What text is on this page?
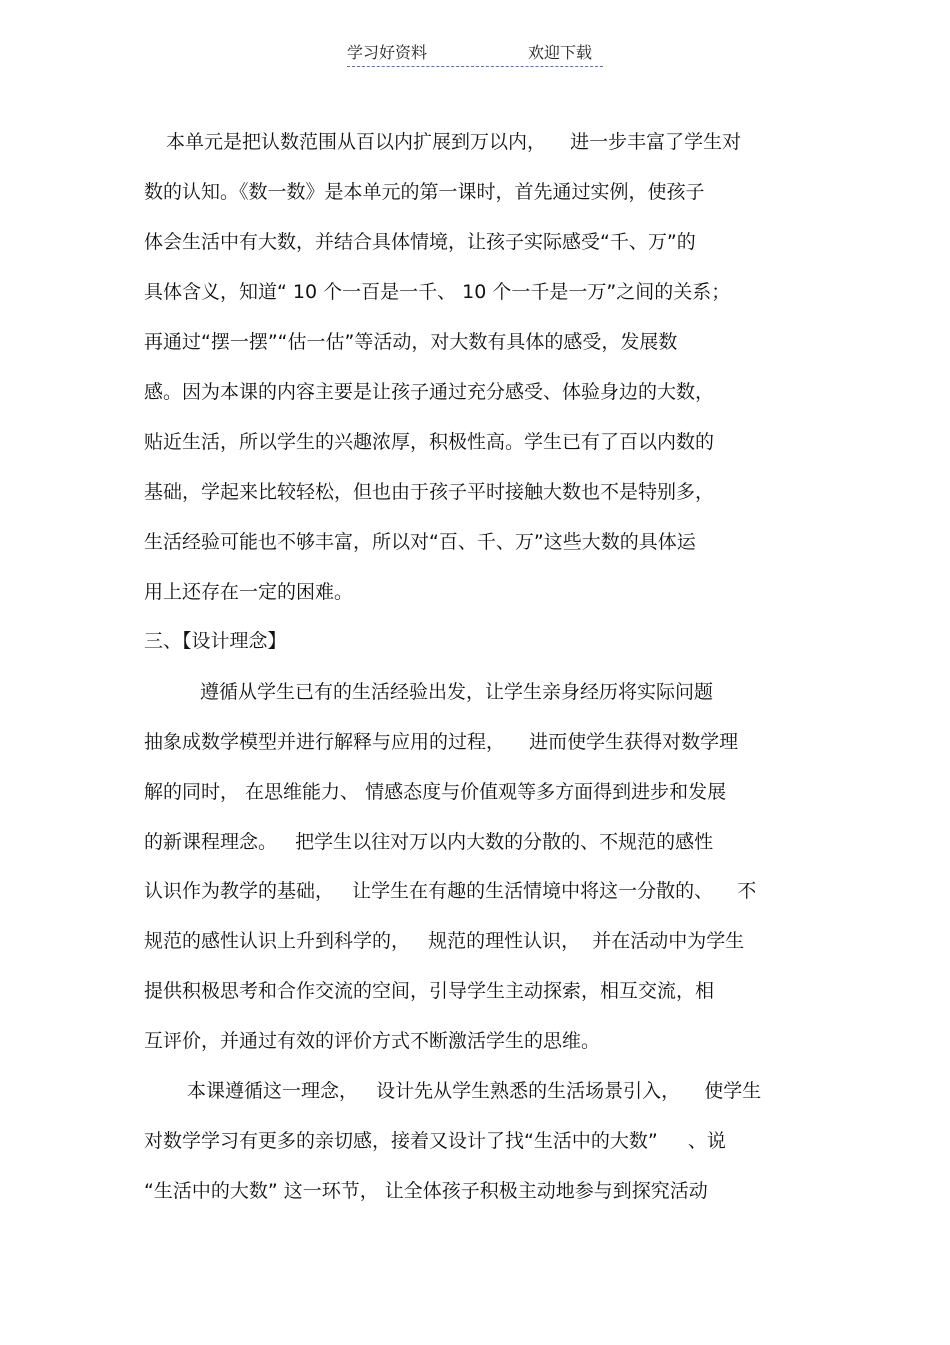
学习好资料	欢迎下载
本单元是把认数范围从百以内扩展到万以内，    进一步丰富了学生对
数的认知。《数一数》是本单元的第一课时，首先通过实例，使孩子
体会生活中有大数，并结合具体情境，让孩子实际感受“千、万”的
具体含义，知道“ 10 个一百是一千、 10 个一千是一万”之间的关系；
再通过“摆一摆”“估一估”等活动，对大数有具体的感受，发展数
感。因为本课的内容主要是让孩子通过充分感受、体验身边的大数，
贴近生活，所以学生的兴趣浓厚，积极性高。学生已有了百以内数的
基础，学起来比较轻松，但也由于孩子平时接触大数也不是特别多，
生活经验可能也不够丰富，所以对“百、千、万”这些大数的具体运
用上还存在一定的困难。
三、【设计理念】
遵循从学生已有的生活经验出发，让学生亲身经历将实际问题
抽象成数学模型并进行解释与应用的过程，    进而使学生获得对数学理
解的同时， 在思维能力、 情感态度与价值观等多方面得到进步和发展
的新课程理念。   把学生以往对万以内大数的分散的、不规范的感性
认识作为教学的基础，   让学生在有趣的生活情境中将这一分散的、    不
规范的感性认识上升到科学的，   规范的理性认识，  并在活动中为学生
提供积极思考和合作交流的空间，引导学生主动探索，相互交流，相
互评价，并通过有效的评价方式不断激活学生的思维。
本课遵循这一理念，   设计先从学生熟悉的生活场景引入，    使学生
对数学学习有更多的亲切感，接着又设计了找“生活中的大数”     、说
“生活中的大数” 这一环节， 让全体孩子积极主动地参与到探究活动
